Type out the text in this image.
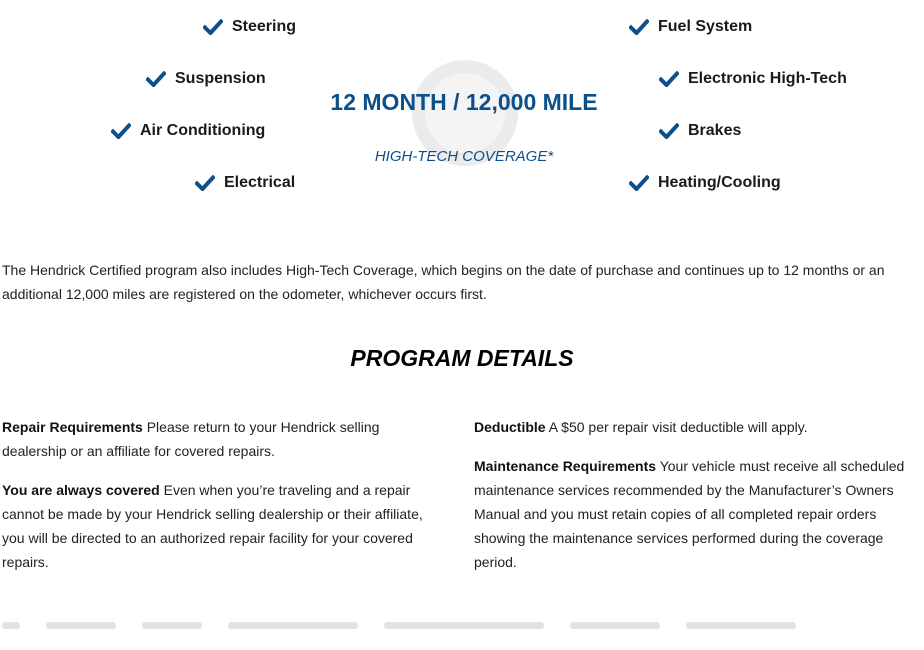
Steering
Suspension
Air Conditioning
Electrical
Fuel System
Electronic High-Tech
Brakes
Heating/Cooling
12 MONTH / 12,000 MILE
HIGH-TECH COVERAGE*

The Hendrick Certified program also includes High-Tech Coverage, which begins on the date of purchase and continues up to 12 months or an additional 12,000 miles are registered on the odometer, whichever occurs first.

PROGRAM DETAILS

Repair Requirements Please return to your Hendrick selling dealership or an affiliate for covered repairs.

You are always covered Even when you’re traveling and a repair cannot be made by your Hendrick selling dealership or their affiliate, you will be directed to an authorized repair facility for your covered repairs.

Deductible A $50 per repair visit deductible will apply.

Maintenance Requirements Your vehicle must receive all scheduled maintenance services recommended by the Manufacturer’s Owners Manual and you must retain copies of all completed repair orders showing the maintenance services performed during the coverage period.
